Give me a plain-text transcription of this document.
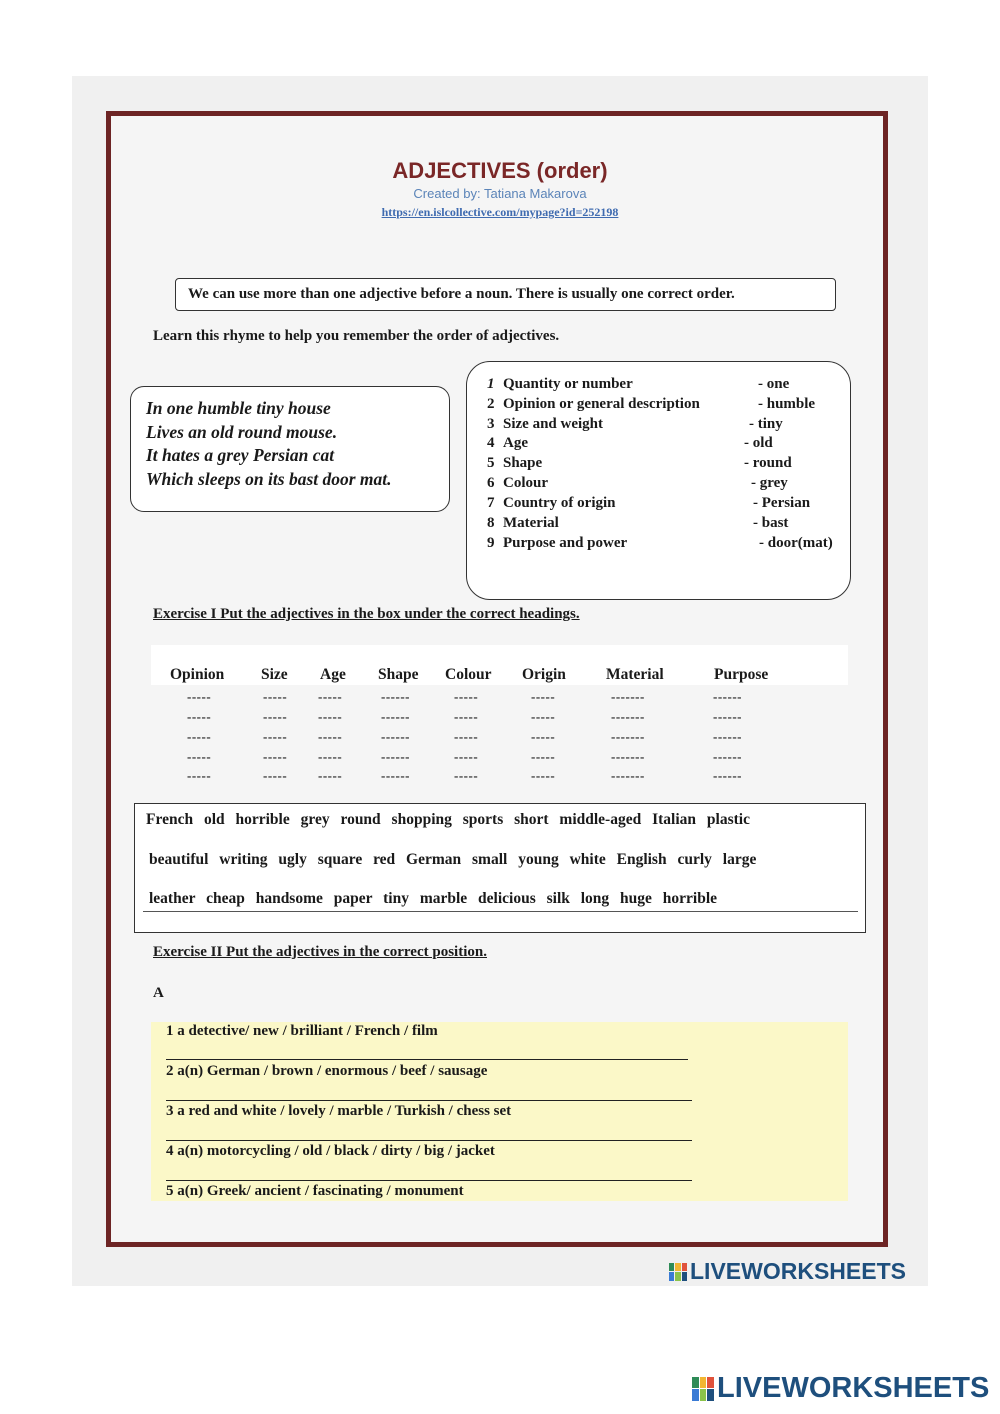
ADJECTIVES (order)
Created by: Tatiana Makarova
https://en.islcollective.com/mypage?id=252198
We can use more than one adjective before a noun. There is usually one correct order.
Learn this rhyme to help you remember the order of adjectives.
In one humble tiny house
Lives an old round mouse.
It hates a grey Persian cat
Which sleeps on its bast door mat.
1 Quantity or number	- one
2 Opinion or general description	- humble
3 Size and weight	- tiny
4 Age	- old
5 Shape	- round
6 Colour	- grey
7 Country of origin	- Persian
8 Material	- bast
9 Purpose and power	- door(mat)
Exercise I Put the adjectives in the box under the correct headings.
Opinion Size Age Shape Colour Origin	Material	Purpose
-----	----- -----	------	-----	-----	-------	------
-----	----- -----	------	-----	-----	-------	------
-----	----- -----	------	-----	-----	-------	------
-----	----- -----	------	-----	-----	-------	------
-----	----- -----	------	-----	-----	-------	------
French old horrible grey round shopping sports short middle-aged Italian plastic
beautiful writing ugly square red German small young white English curly large
leather cheap handsome paper tiny marble delicious silk long huge horrible
Exercise II Put the adjectives in the correct position.
A
1 a detective/ new / brilliant / French / film
2 a(n) German / brown / enormous / beef / sausage
3 a red and white / lovely / marble / Turkish / chess set
4 a(n) motorcycling / old / black / dirty / big / jacket
5 a(n) Greek/ ancient / fascinating / monument
LIVEWORKSHEETS
LIVEWORKSHEETS
